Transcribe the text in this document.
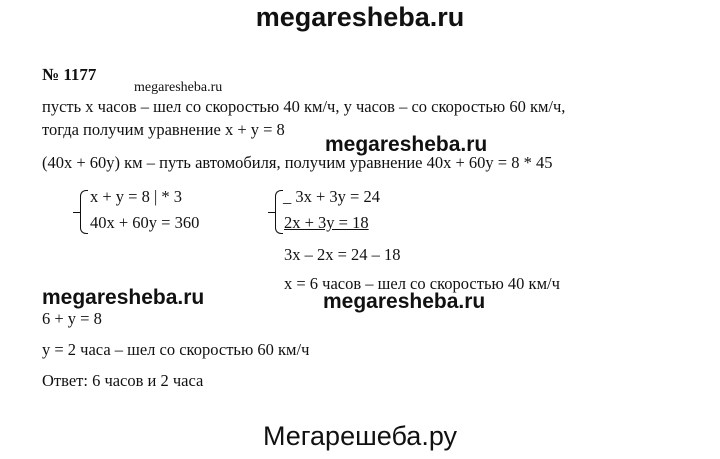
megaresheba.ru
№ 1177
megaresheba.ru
пусть х часов – шел со скоростью 40 км/ч, у часов – со скоростью 60 км/ч,
тогда получим уравнение х + у = 8
megaresheba.ru
(40х + 60у) км – путь автомобиля, получим уравнение 40х + 60у = 8 * 45
х + у = 8 | * 3
40х + 60у = 360
_ 3х + 3у = 24
2х + 3у = 18
3х – 2х = 24 – 18
х = 6 часов – шел со скоростью 40 км/ч
megaresheba.ru	megaresheba.ru
6 + у = 8
у = 2 часа – шел со скоростью 60 км/ч
Ответ: 6 часов и 2 часа
Мегарешеба.ру
